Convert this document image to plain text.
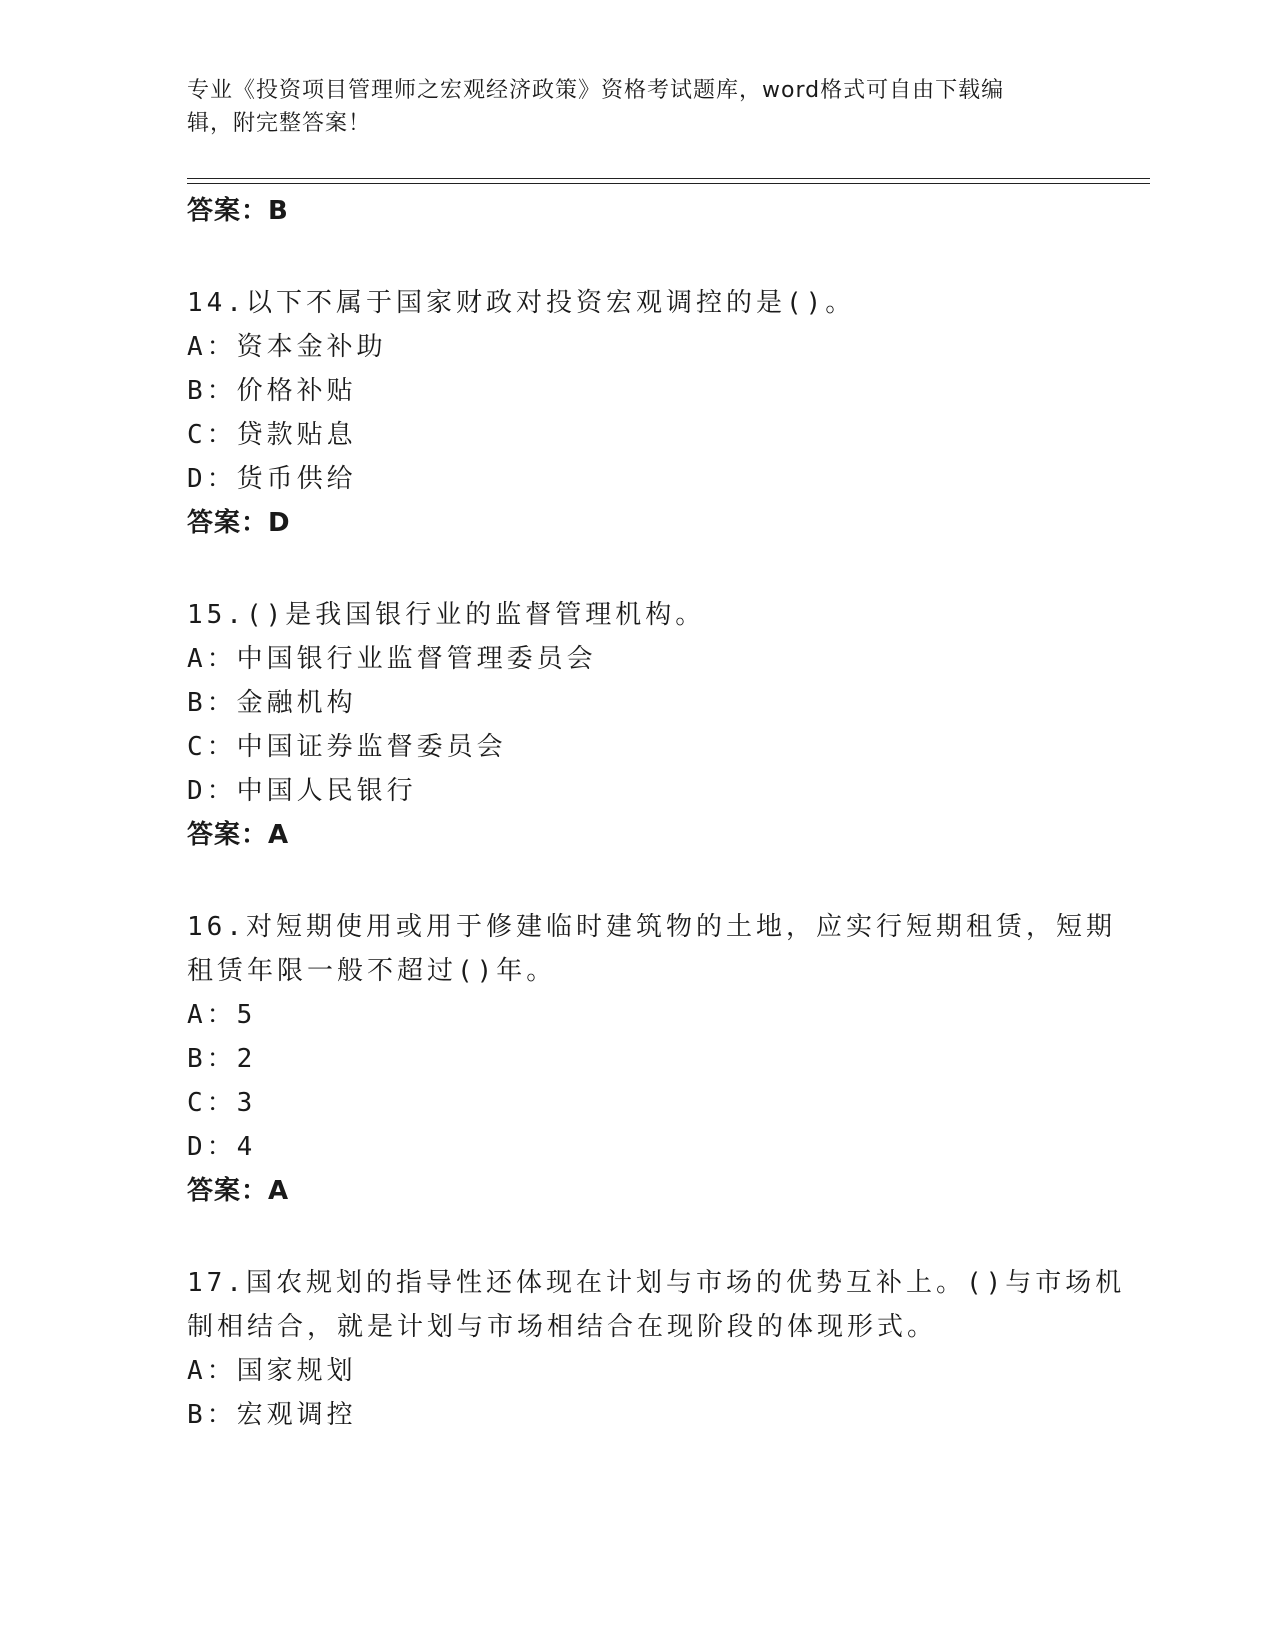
专业《投资项目管理师之宏观经济政策》资格考试题库，word格式可自由下载编
辑，附完整答案！
答案：B
14.以下不属于国家财政对投资宏观调控的是()。
A：资本金补助
B：价格补贴
C：贷款贴息
D：货币供给
答案：D
15.()是我国银行业的监督管理机构。
A：中国银行业监督管理委员会
B：金融机构
C：中国证券监督委员会
D：中国人民银行
答案：A
16.对短期使用或用于修建临时建筑物的土地，应实行短期租赁，短期
租赁年限一般不超过()年。
A：5
B：2
C：3
D：4
答案：A
17.国农规划的指导性还体现在计划与市场的优势互补上。()与市场机
制相结合，就是计划与市场相结合在现阶段的体现形式。
A：国家规划
B：宏观调控
